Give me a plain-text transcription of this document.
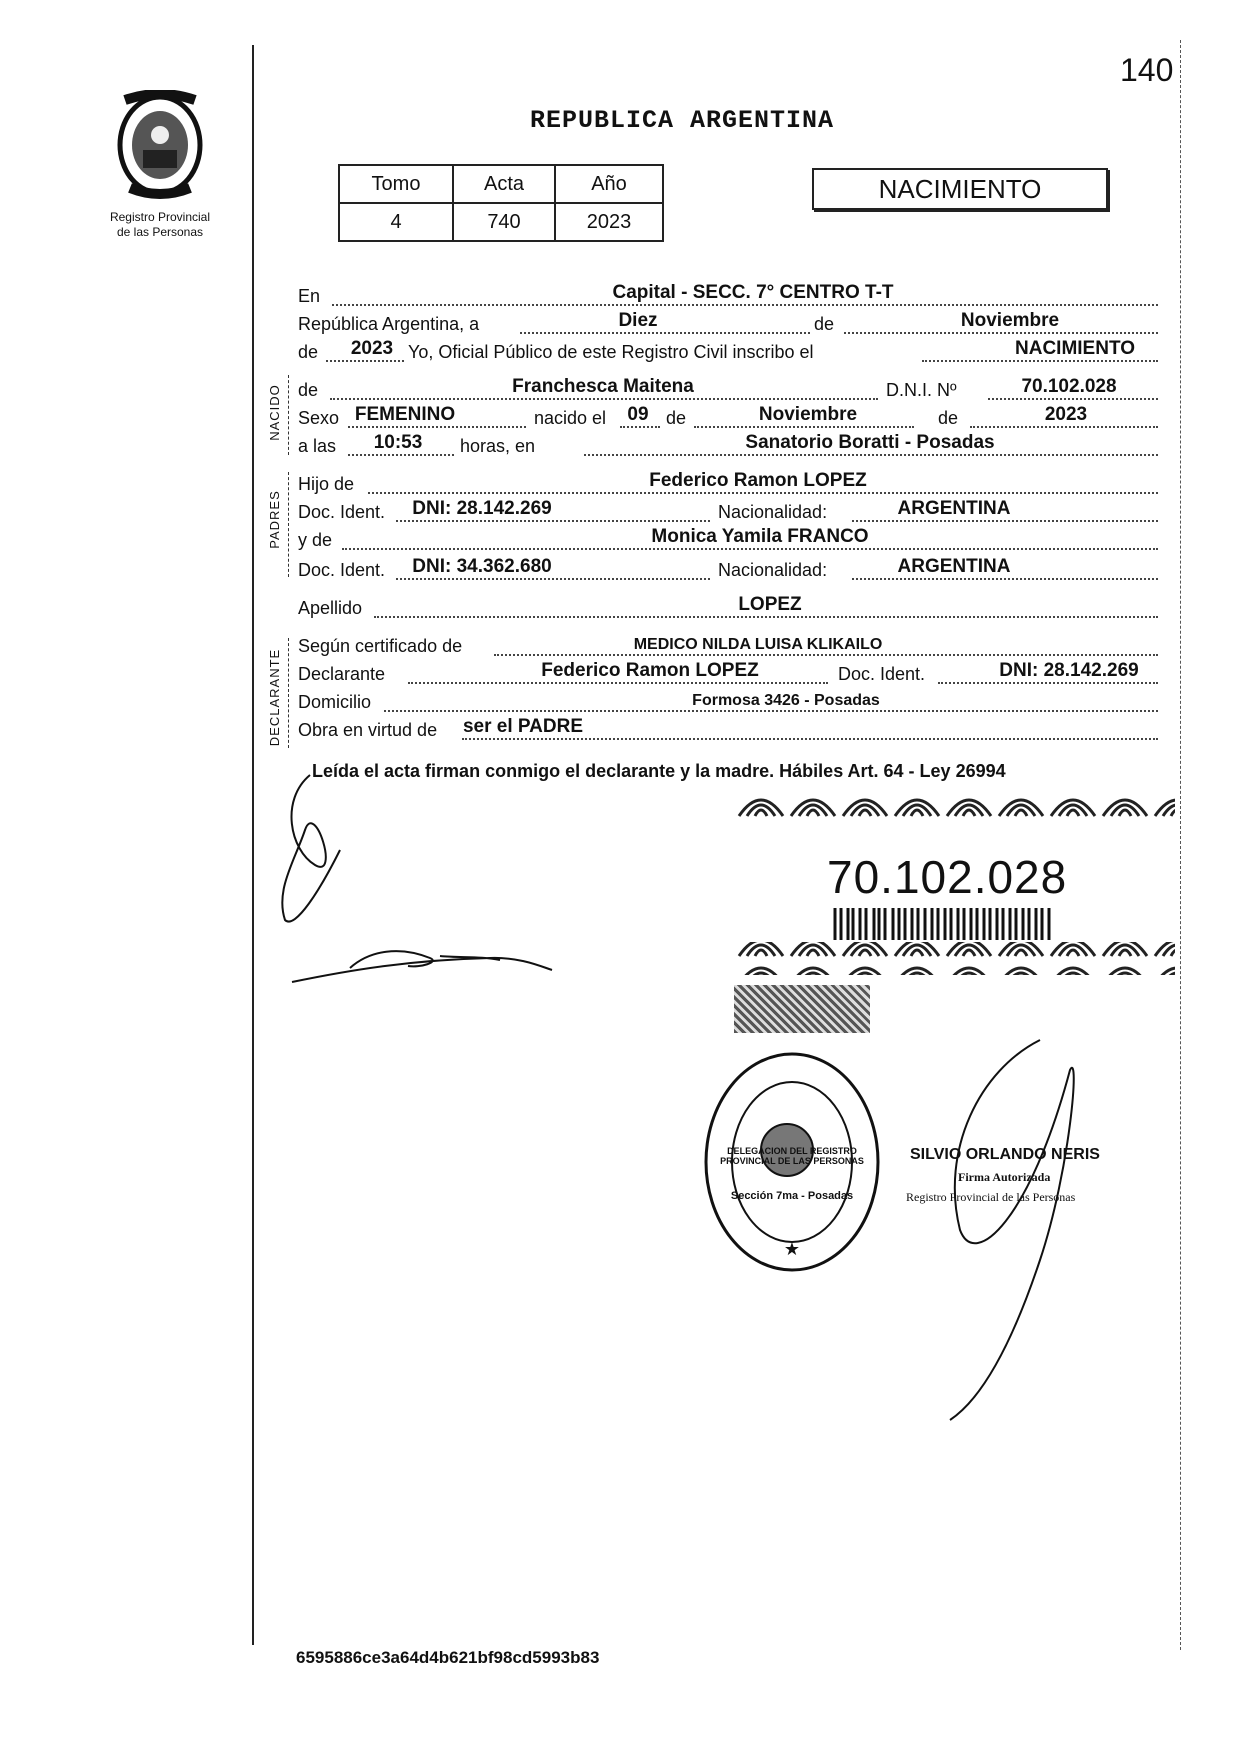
Registro Provincial
de las Personas
140
REPUBLICA ARGENTINA
Tomo	Acta	Año
4	740	2023
NACIMIENTO
NACIDO
PADRES
DECLARANTE
En	Capital - SECC. 7° CENTRO T-T
República Argentina, a	Diez	de	Noviembre
de 2023 Yo, Oficial Público de este Registro Civil inscribo el	NACIMIENTO
de	Franchesca Maitena	D.N.I. Nº	70.102.028
Sexo FEMENINO	nacido el 09 de	Noviembre	de	2023
a las 10:53 horas, en	Sanatorio Boratti - Posadas
Hijo de	Federico Ramon LOPEZ
Doc. Ident. DNI: 28.142.269	Nacionalidad:	ARGENTINA
y de	Monica Yamila FRANCO
Doc. Ident. DNI: 34.362.680	Nacionalidad:	ARGENTINA
Apellido	LOPEZ
Según certificado de	MEDICO NILDA LUISA KLIKAILO
Declarante	Federico Ramon LOPEZ	Doc. Ident.	DNI: 28.142.269
Domicilio	Formosa 3426 - Posadas
Obra en virtud de ser el PADRE
Leída el acta firman conmigo el declarante y la madre. Hábiles Art. 64 - Ley 26994
70.102.028
★
DELEGACION DEL REGISTRO PROVINCIAL DE LAS PERSONAS
Sección 7ma - Posadas
SILVIO ORLANDO NERIS
Firma Autorizada
Registro Provincial de las Personas
6595886ce3a64d4b621bf98cd5993b83
